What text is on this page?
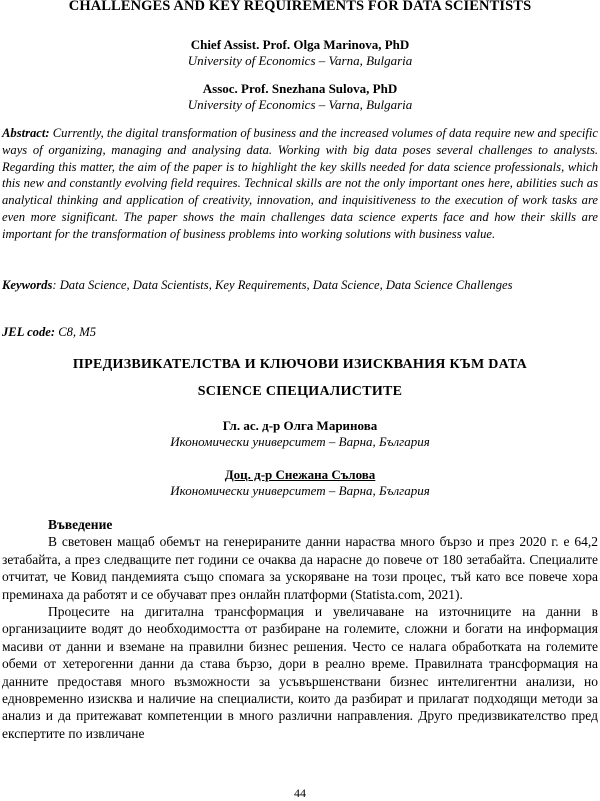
CHALLENGES AND KEY REQUIREMENTS FOR DATA SCIENTISTS
Chief Assist. Prof. Olga Marinova, PhD
University of Economics – Varna, Bulgaria
Assoc. Prof. Snezhana Sulova, PhD
University of Economics – Varna, Bulgaria

Abstract: Currently, the digital transformation of business and the increased volumes of data require new and specific ways of organizing, managing and analysing data. Working with big data poses several challenges to analysts. Regarding this matter, the aim of the paper is to highlight the key skills needed for data science professionals, which this new and constantly evolving field requires. Technical skills are not the only important ones here, abilities such as analytical thinking and application of creativity, innovation, and inquisitiveness to the execution of work tasks are even more significant. The paper shows the main challenges data science experts face and how their skills are important for the transformation of business problems into working solutions with business value.

Keywords: Data Science, Data Scientists, Key Requirements, Data Science, Data Science Challenges

JEL code: C8, M5

ПРЕДИЗВИКАТЕЛСТВА И КЛЮЧОВИ ИЗИСКВАНИЯ КЪМ DATA
SCIENCE СПЕЦИАЛИСТИТЕ
Гл. ас. д-р Олга Маринова
Икономически университет – Варна, България
Доц. д-р Снежана Сълова
Икономически университет – Варна, България
Въведение

В световен мащаб обемът на генерираните данни нараства много бързо и през 2020 г. е 64,2 зетабайта, а през следващите пет години се очаква да нарасне до повече от 180 зетабайта. Специалите отчитат, че Ковид пандемията също спомага за ускоряване на този процес, тъй като все повече хора преминаха да работят и се обучават през онлайн платформи (Statista.com, 2021).

Процесите на дигитална трансформация и увеличаване на източниците на данни в организациите водят до необходимостта от разбиране на големите, сложни и богати на информация масиви от данни и вземане на правилни бизнес решения. Често се налага обработката на големите обеми от хетерогенни данни да става бързо, дори в реално време. Правилната трансформация на данните предоставя много възможности за усъвършенствани бизнес интелигентни анализи, но едновременно изисква и наличие на специалисти, които да разбират и прилагат подходящи методи за анализ и да притежават компетенции в много различни направления. Друго предизвикателство пред експертите по извличане

44
